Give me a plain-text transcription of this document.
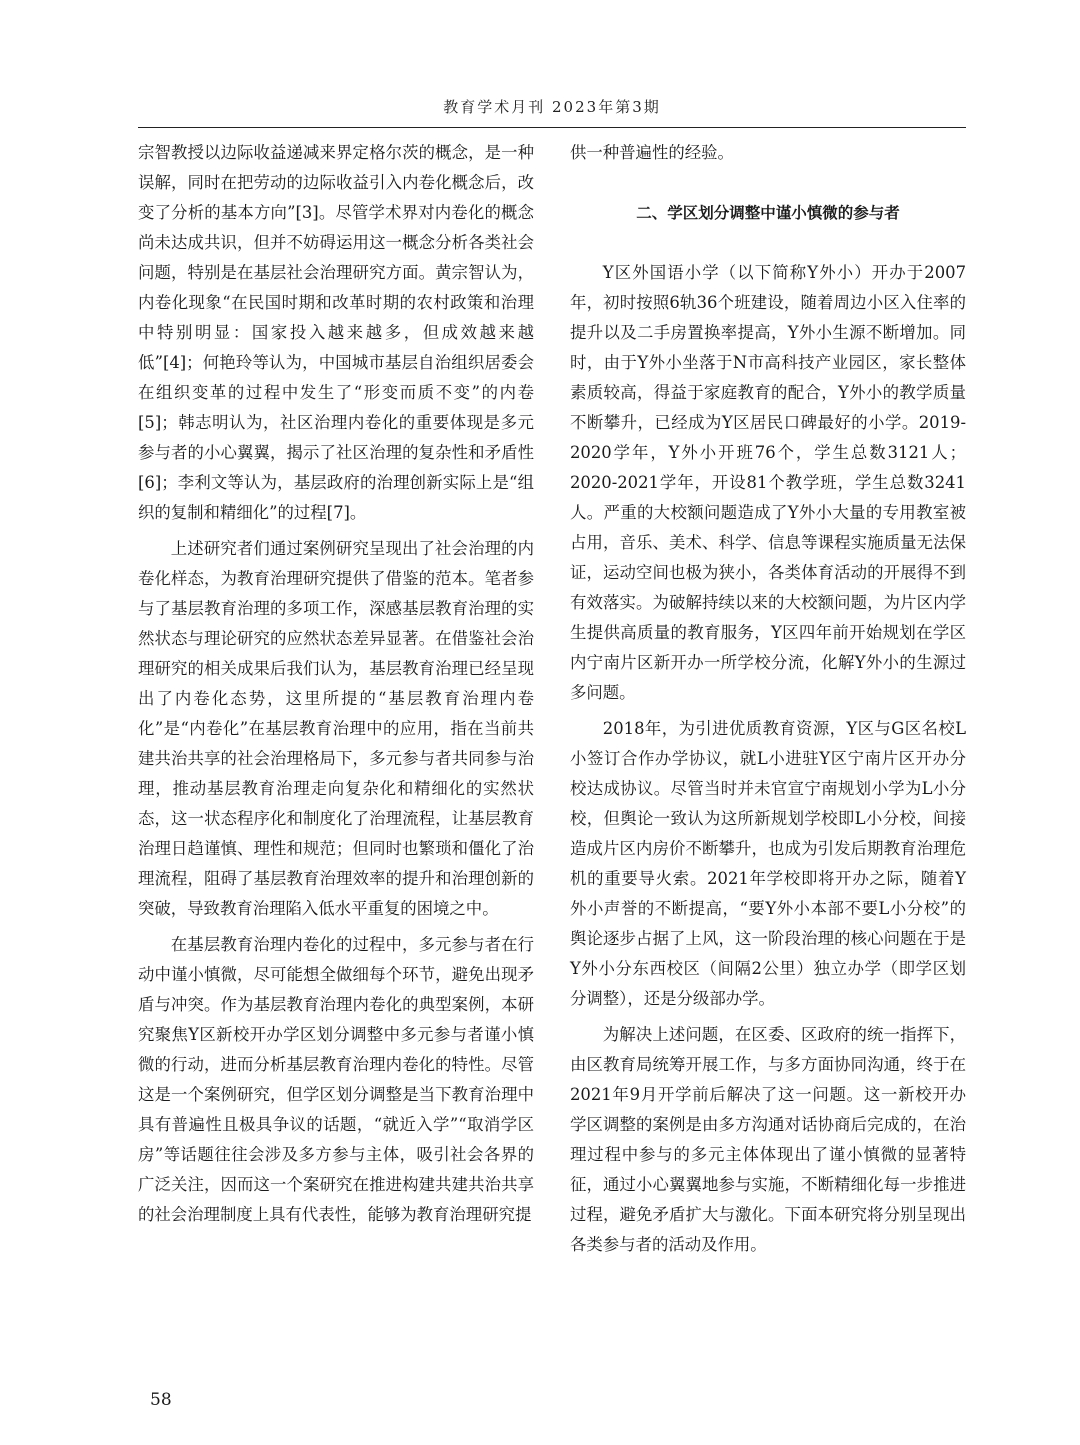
教育学术月刊 2023年第3期

宗智教授以边际收益递减来界定格尔茨的概念，是一种误解，同时在把劳动的边际收益引入内卷化概念后，改变了分析的基本方向”[3]。尽管学术界对内卷化的概念尚未达成共识，但并不妨碍运用这一概念分析各类社会问题，特别是在基层社会治理研究方面。黄宗智认为，内卷化现象“在民国时期和改革时期的农村政策和治理中特别明显：国家投入越来越多，但成效越来越低”[4]；何艳玲等认为，中国城市基层自治组织居委会在组织变革的过程中发生了“形变而质不变”的内卷[5]；韩志明认为，社区治理内卷化的重要体现是多元参与者的小心翼翼，揭示了社区治理的复杂性和矛盾性[6]；李利文等认为，基层政府的治理创新实际上是“组织的复制和精细化”的过程[7]。

上述研究者们通过案例研究呈现出了社会治理的内卷化样态，为教育治理研究提供了借鉴的范本。笔者参与了基层教育治理的多项工作，深感基层教育治理的实然状态与理论研究的应然状态差异显著。在借鉴社会治理研究的相关成果后我们认为，基层教育治理已经呈现出了内卷化态势，这里所提的“基层教育治理内卷化”是“内卷化”在基层教育治理中的应用，指在当前共建共治共享的社会治理格局下，多元参与者共同参与治理，推动基层教育治理走向复杂化和精细化的实然状态，这一状态程序化和制度化了治理流程，让基层教育治理日趋谨慎、理性和规范；但同时也繁琐和僵化了治理流程，阻碍了基层教育治理效率的提升和治理创新的突破，导致教育治理陷入低水平重复的困境之中。

在基层教育治理内卷化的过程中，多元参与者在行动中谨小慎微，尽可能想全做细每个环节，避免出现矛盾与冲突。作为基层教育治理内卷化的典型案例，本研究聚焦Y区新校开办学区划分调整中多元参与者谨小慎微的行动，进而分析基层教育治理内卷化的特性。尽管这是一个案例研究，但学区划分调整是当下教育治理中具有普遍性且极具争议的话题，“就近入学”“取消学区房”等话题往往会涉及多方参与主体，吸引社会各界的广泛关注，因而这一个案研究在推进构建共建共治共享的社会治理制度上具有代表性，能够为教育治理研究提

供一种普遍性的经验。

二、学区划分调整中谨小慎微的参与者

Y区外国语小学（以下简称Y外小）开办于2007年，初时按照6轨36个班建设，随着周边小区入住率的提升以及二手房置换率提高，Y外小生源不断增加。同时，由于Y外小坐落于N市高科技产业园区，家长整体素质较高，得益于家庭教育的配合，Y外小的教学质量不断攀升，已经成为Y区居民口碑最好的小学。2019-2020学年，Y外小开班76个，学生总数3121人；2020-2021学年，开设81个教学班，学生总数3241人。严重的大校额问题造成了Y外小大量的专用教室被占用，音乐、美术、科学、信息等课程实施质量无法保证，运动空间也极为狭小，各类体育活动的开展得不到有效落实。为破解持续以来的大校额问题，为片区内学生提供高质量的教育服务，Y区四年前开始规划在学区内宁南片区新开办一所学校分流，化解Y外小的生源过多问题。

2018年，为引进优质教育资源，Y区与G区名校L小签订合作办学协议，就L小进驻Y区宁南片区开办分校达成协议。尽管当时并未官宣宁南规划小学为L小分校，但舆论一致认为这所新规划学校即L小分校，间接造成片区内房价不断攀升，也成为引发后期教育治理危机的重要导火索。2021年学校即将开办之际，随着Y外小声誉的不断提高，“要Y外小本部不要L小分校”的舆论逐步占据了上风，这一阶段治理的核心问题在于是Y外小分东西校区（间隔2公里）独立办学（即学区划分调整），还是分级部办学。

为解决上述问题，在区委、区政府的统一指挥下，由区教育局统筹开展工作，与多方面协同沟通，终于在2021年9月开学前后解决了这一问题。这一新校开办学区调整的案例是由多方沟通对话协商后完成的，在治理过程中参与的多元主体体现出了谨小慎微的显著特征，通过小心翼翼地参与实施，不断精细化每一步推进过程，避免矛盾扩大与激化。下面本研究将分别呈现出各类参与者的活动及作用。

58
